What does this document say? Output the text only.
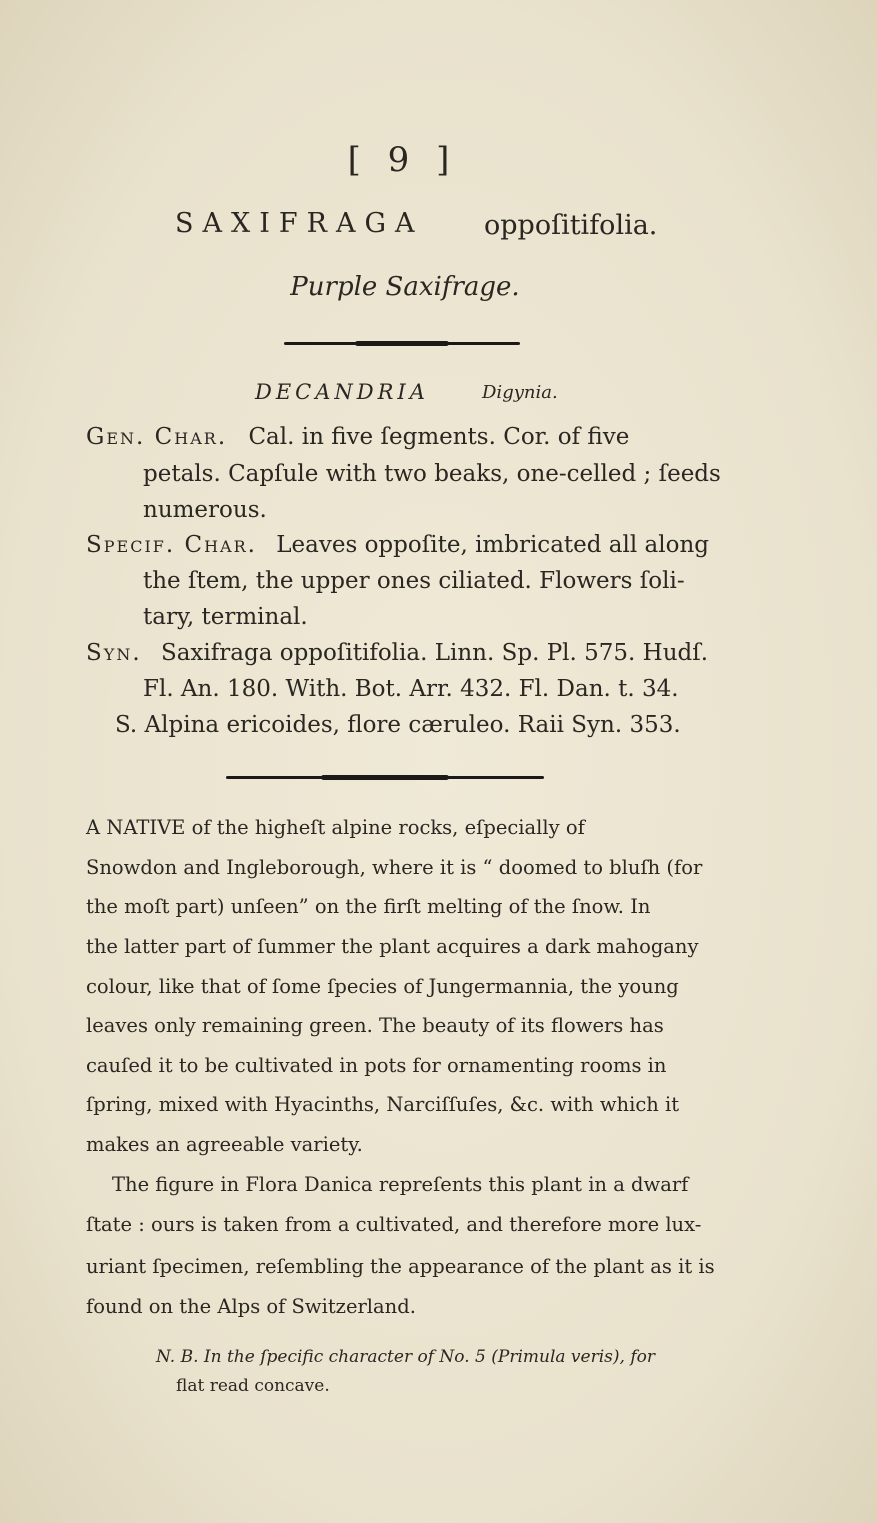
[ 9 ]
SAXIFRAGA oppoſitifolia.
Purple Saxifrage.
DECANDRIA	Digynia.
Gen. Char. Cal. in five ſegments. Cor. of five
petals. Capſule with two beaks, one-celled ; ſeeds
numerous.
Specif. Char. Leaves oppoſite, imbricated all along
the ſtem, the upper ones ciliated. Flowers ſoli-
tary, terminal.
Syn. Saxifraga oppoſitifolia. Linn. Sp. Pl. 575. Hudſ.
Fl. An. 180. With. Bot. Arr. 432. Fl. Dan. t. 34.
S. Alpina ericoides, flore cæruleo. Raii Syn. 353.
A NATIVE of the higheſt alpine rocks, eſpecially of
Snowdon and Ingleborough, where it is “ doomed to bluſh (for
the moſt part) unſeen” on the firſt melting of the ſnow. In
the latter part of ſummer the plant acquires a dark mahogany
colour, like that of ſome ſpecies of Jungermannia, the young
leaves only remaining green. The beauty of its flowers has
cauſed it to be cultivated in pots for ornamenting rooms in
ſpring, mixed with Hyacinths, Narciſſuſes, &c. with which it
makes an agreeable variety.
The figure in Flora Danica repreſents this plant in a dwarf
ſtate : ours is taken from a cultivated, and therefore more lux-
uriant ſpecimen, reſembling the appearance of the plant as it is
found on the Alps of Switzerland.
N. B. In the ſpecific character of No. 5 (Primula veris), for
flat read concave.
